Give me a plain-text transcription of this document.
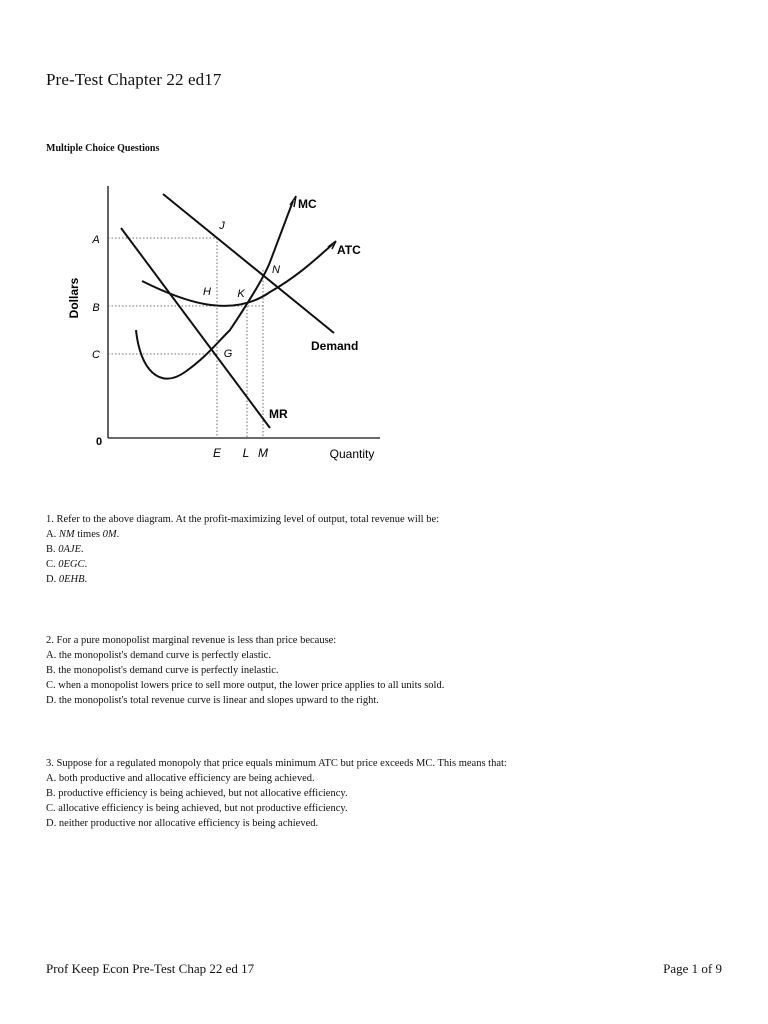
Pre-Test Chapter 22 ed17
Multiple Choice Questions
Dollars
Quantity
0
A
B
C
E L M
J
H K
N
G
MC
ATC
Demand
MR
1. Refer to the above diagram. At the profit-maximizing level of output, total revenue will be:
A. NM times 0M.
B. 0AJE.
C. 0EGC.
D. 0EHB.
2. For a pure monopolist marginal revenue is less than price because:
A. the monopolist's demand curve is perfectly elastic.
B. the monopolist's demand curve is perfectly inelastic.
C. when a monopolist lowers price to sell more output, the lower price applies to all units sold.
D. the monopolist's total revenue curve is linear and slopes upward to the right.
3. Suppose for a regulated monopoly that price equals minimum ATC but price exceeds MC. This means that:
A. both productive and allocative efficiency are being achieved.
B. productive efficiency is being achieved, but not allocative efficiency.
C. allocative efficiency is being achieved, but not productive efficiency.
D. neither productive nor allocative efficiency is being achieved.
Prof Keep Econ Pre-Test Chap 22 ed 17	Page 1 of 9
